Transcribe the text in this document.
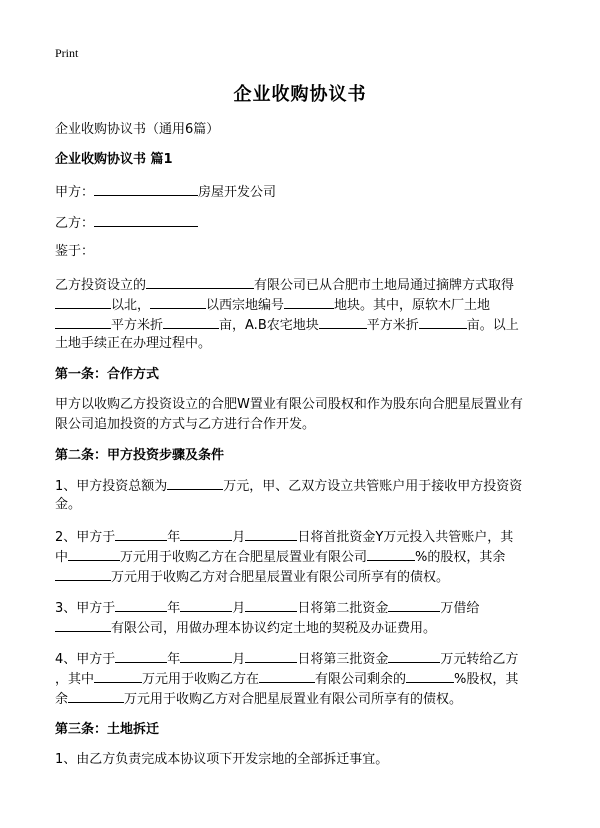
Print
企业收购协议书
企业收购协议书（通用6篇）
企业收购协议书 篇1
甲方：	房屋开发公司
乙方：
鉴于：
乙方投资设立的	有限公司已从合肥市土地局通过摘牌方式取得
以北，	以西宗地编号	地块。其中，原软木厂土地
平方米折	亩，A.B农宅地块	平方米折	亩。以上
土地手续正在办理过程中。
第一条：合作方式
甲方以收购乙方投资设立的合肥W置业有限公司股权和作为股东向合肥星辰置业有
限公司追加投资的方式与乙方进行合作开发。
第二条：甲方投资步骤及条件
1、甲方投资总额为	万元，甲、乙双方设立共管账户用于接收甲方投资资
金。
2、甲方于	年	月	日将首批资金Y万元投入共管账户，其
中	万元用于收购乙方在合肥星辰置业有限公司	%的股权，其余
万元用于收购乙方对合肥星辰置业有限公司所享有的债权。
3、甲方于	年	月	日将第二批资金	万借给
有限公司，用做办理本协议约定土地的契税及办证费用。
4、甲方于	年	月	日将第三批资金	万元转给乙方
，其中	万元用于收购乙方在	有限公司剩余的	%股权，其
余	万元用于收购乙方对合肥星辰置业有限公司所享有的债权。
第三条：土地拆迁
1、由乙方负责完成本协议项下开发宗地的全部拆迁事宜。
